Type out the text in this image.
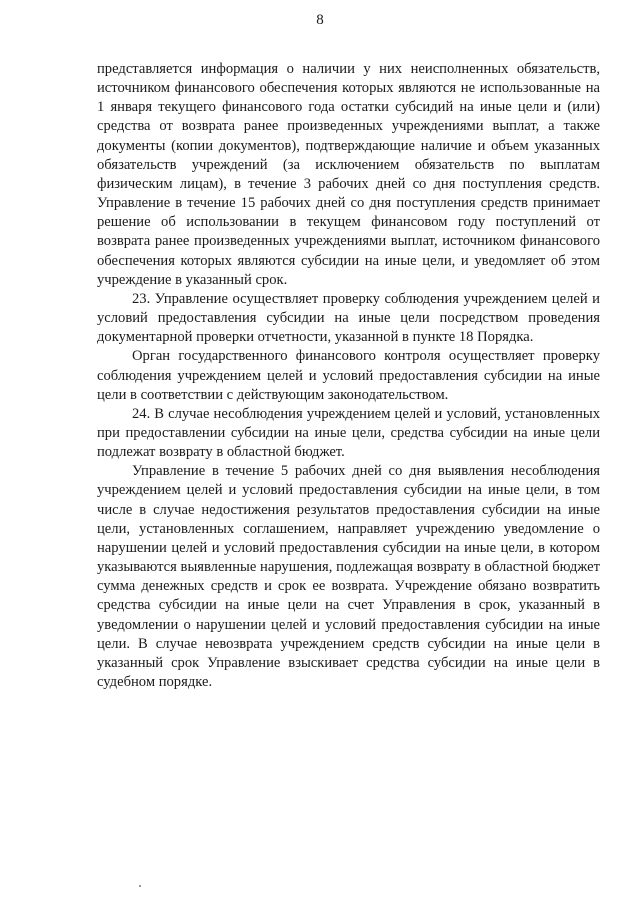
8

представляется информация о наличии у них неисполненных обязательств, источником финансового обеспечения которых являются не использованные на 1 января текущего финансового года остатки субсидий на иные цели и (или) средства от возврата ранее произведенных учреждениями выплат, а также документы (копии документов), подтверждающие наличие и объем указанных обязательств учреждений (за исключением обязательств по выплатам физическим лицам), в течение 3 рабочих дней со дня поступления средств. Управление в течение 15 рабочих дней со дня поступления средств принимает решение об использовании в текущем финансовом году поступлений от возврата ранее произведенных учреждениями выплат, источником финансового обеспечения которых являются субсидии на иные цели, и уведомляет об этом учреждение в указанный срок.

23. Управление осуществляет проверку соблюдения учреждением целей и условий предоставления субсидии на иные цели посредством проведения документарной проверки отчетности, указанной в пункте 18 Порядка.

Орган государственного финансового контроля осуществляет проверку соблюдения учреждением целей и условий предоставления субсидии на иные цели в соответствии с действующим законодательством.

24. В случае несоблюдения учреждением целей и условий, установленных при предоставлении субсидии на иные цели, средства субсидии на иные цели подлежат возврату в областной бюджет.

Управление в течение 5 рабочих дней со дня выявления несоблюдения учреждением целей и условий предоставления субсидии на иные цели, в том числе в случае недостижения результатов предоставления субсидии на иные цели, установленных соглашением, направляет учреждению уведомление о нарушении целей и условий предоставления субсидии на иные цели, в котором указываются выявленные нарушения, подлежащая возврату в областной бюджет сумма денежных средств и срок ее возврата. Учреждение обязано возвратить средства субсидии на иные цели на счет Управления в срок, указанный в уведомлении о нарушении целей и условий предоставления субсидии на иные цели. В случае невозврата учреждением средств субсидии на иные цели в указанный срок Управление взыскивает средства субсидии на иные цели в судебном порядке.
